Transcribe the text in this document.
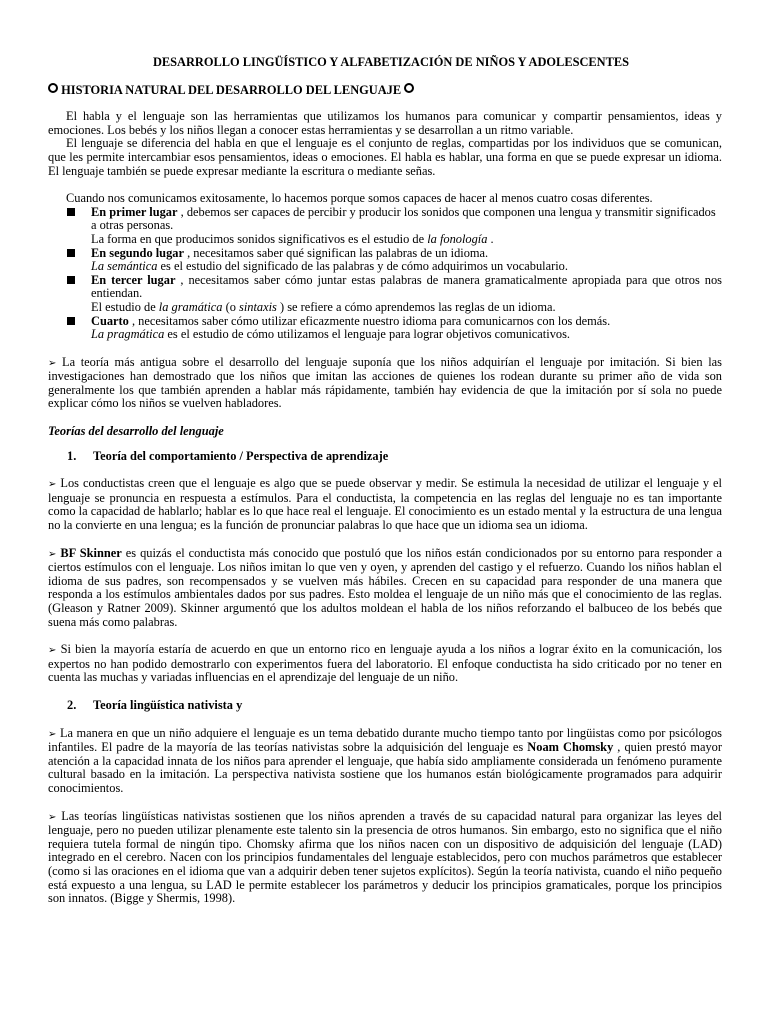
DESARROLLO LINGÜÍSTICO Y ALFABETIZACIÓN DE NIÑOS Y ADOLESCENTES
HISTORIA NATURAL DEL DESARROLLO DEL LENGUAJE
El habla y el lenguaje son las herramientas que utilizamos los humanos para comunicar y compartir pensamientos, ideas y emociones. Los bebés y los niños llegan a conocer estas herramientas y se desarrollan a un ritmo variable.
El lenguaje se diferencia del habla en que el lenguaje es el conjunto de reglas, compartidas por los individuos que se comunican, que les permite intercambiar esos pensamientos, ideas o emociones. El habla es hablar, una forma en que se puede expresar un idioma. El lenguaje también se puede expresar mediante la escritura o mediante señas.
Cuando nos comunicamos exitosamente, lo hacemos porque somos capaces de hacer al menos cuatro cosas diferentes.
En primer lugar , debemos ser capaces de percibir y producir los sonidos que componen una lengua y transmitir significados a otras personas.
La forma en que producimos sonidos significativos es el estudio de la fonología .
En segundo lugar , necesitamos saber qué significan las palabras de un idioma.
La semántica es el estudio del significado de las palabras y de cómo adquirimos un vocabulario.
En tercer lugar , necesitamos saber cómo juntar estas palabras de manera gramaticalmente apropiada para que otros nos entiendan.
El estudio de la gramática (o sintaxis ) se refiere a cómo aprendemos las reglas de un idioma.
Cuarto , necesitamos saber cómo utilizar eficazmente nuestro idioma para comunicarnos con los demás.
La pragmática es el estudio de cómo utilizamos el lenguaje para lograr objetivos comunicativos.
➢ La teoría más antigua sobre el desarrollo del lenguaje suponía que los niños adquirían el lenguaje por imitación. Si bien las investigaciones han demostrado que los niños que imitan las acciones de quienes los rodean durante su primer año de vida son generalmente los que también aprenden a hablar más rápidamente, también hay evidencia de que la imitación por sí sola no puede explicar cómo los niños se vuelven habladores.
Teorías del desarrollo del lenguaje
1. Teoría del comportamiento / Perspectiva de aprendizaje
➢ Los conductistas creen que el lenguaje es algo que se puede observar y medir. Se estimula la necesidad de utilizar el lenguaje y el lenguaje se pronuncia en respuesta a estímulos. Para el conductista, la competencia en las reglas del lenguaje no es tan importante como la capacidad de hablarlo; hablar es lo que hace real el lenguaje. El conocimiento es un estado mental y la estructura de una lengua no la convierte en una lengua; es la función de pronunciar palabras lo que hace que un idioma sea un idioma.
➢ BF Skinner es quizás el conductista más conocido que postuló que los niños están condicionados por su entorno para responder a ciertos estímulos con el lenguaje. Los niños imitan lo que ven y oyen, y aprenden del castigo y el refuerzo. Cuando los niños hablan el idioma de sus padres, son recompensados y se vuelven más hábiles. Crecen en su capacidad para responder de una manera que responda a los estímulos ambientales dados por sus padres. Esto moldea el lenguaje de un niño más que el conocimiento de las reglas. (Gleason y Ratner 2009). Skinner argumentó que los adultos moldean el habla de los niños reforzando el balbuceo de los bebés que suena más como palabras.
➢ Si bien la mayoría estaría de acuerdo en que un entorno rico en lenguaje ayuda a los niños a lograr éxito en la comunicación, los expertos no han podido demostrarlo con experimentos fuera del laboratorio. El enfoque conductista ha sido criticado por no tener en cuenta las muchas y variadas influencias en el aprendizaje del lenguaje de un niño.
2. Teoría lingüística nativista y
➢ La manera en que un niño adquiere el lenguaje es un tema debatido durante mucho tiempo tanto por lingüistas como por psicólogos infantiles. El padre de la mayoría de las teorías nativistas sobre la adquisición del lenguaje es Noam Chomsky , quien prestó mayor atención a la capacidad innata de los niños para aprender el lenguaje, que había sido ampliamente considerada un fenómeno puramente cultural basado en la imitación. La perspectiva nativista sostiene que los humanos están biológicamente programados para adquirir conocimientos.
➢ Las teorías lingüísticas nativistas sostienen que los niños aprenden a través de su capacidad natural para organizar las leyes del lenguaje, pero no pueden utilizar plenamente este talento sin la presencia de otros humanos. Sin embargo, esto no significa que el niño requiera tutela formal de ningún tipo. Chomsky afirma que los niños nacen con un dispositivo de adquisición del lenguaje (LAD) integrado en el cerebro. Nacen con los principios fundamentales del lenguaje establecidos, pero con muchos parámetros que establecer (como si las oraciones en el idioma que van a adquirir deben tener sujetos explícitos). Según la teoría nativista, cuando el niño pequeño está expuesto a una lengua, su LAD le permite establecer los parámetros y deducir los principios gramaticales, porque los principios son innatos. (Bigge y Shermis, 1998).
